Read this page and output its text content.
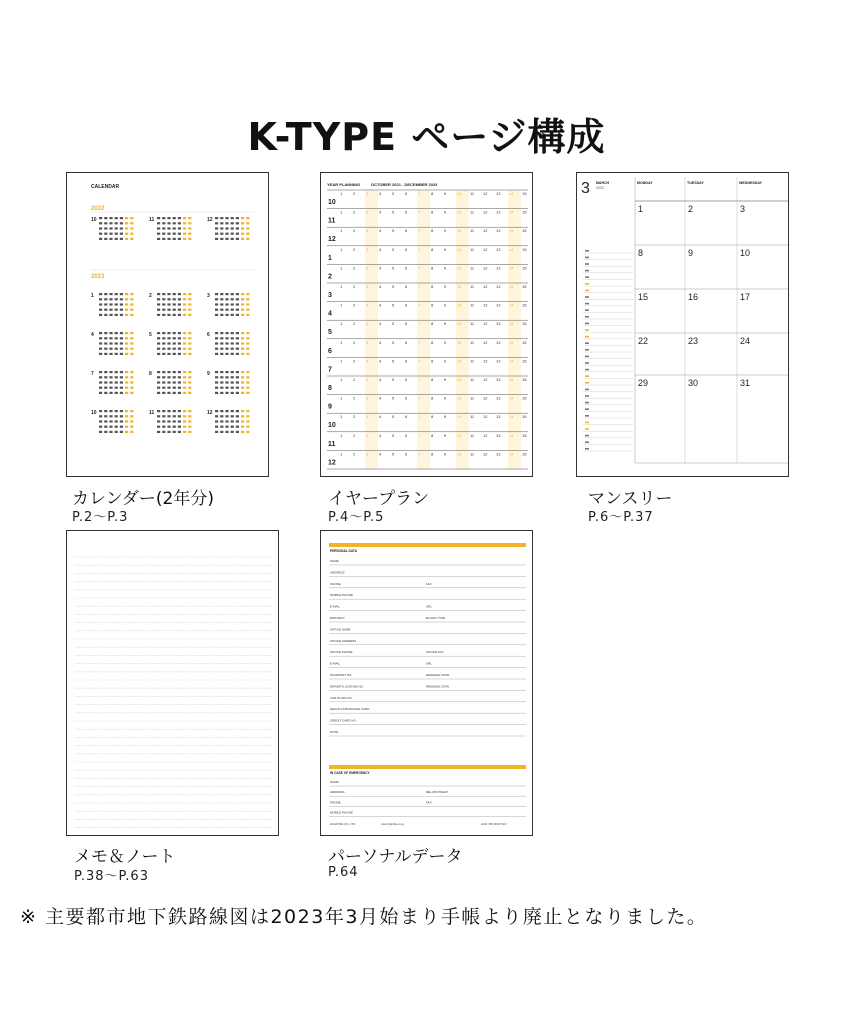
K-TYPE ページ構成
CALENDAR
2022
2023
10	11	12
1	2	3
4	5	6
7	8	9
10	11	12
カレンダー(2年分)
P.2～P.3
YEAR PLANNING	OCTOBER 2021 - DECEMBER 2023
10
1	2	3	4	5	6	7	8	9	10 11 12 13 14 15
11
1	2	3	4	5	6	7	8	9	10 11 12 13 14 15
12
1	2	3	4	5	6	7	8	9	10 11 12 13 14 15
1
1	2	3	4	5	6	7	8	9	10 11 12 13 14 15
2
1	2	3	4	5	6	7	8	9	10 11 12 13 14 15
3
1	2	3	4	5	6	7	8	9	10 11 12 13 14 15
4
1	2	3	4	5	6	7	8	9	10 11 12 13 14 15
5
1	2	3	4	5	6	7	8	9	10 11 12 13 14 15
6
1	2	3	4	5	6	7	8	9	10 11 12 13 14 15
7
1	2	3	4	5	6	7	8	9	10 11 12 13 14 15
8
1	2	3	4	5	6	7	8	9	10 11 12 13 14 15
9
1	2	3	4	5	6	7	8	9	10 11 12 13 14 15
10
1	2	3	4	5	6	7	8	9	10 11 12 13 14 15
11
1	2	3	4	5	6	7	8	9	10 11 12 13 14 15
12
1	2	3	4	5	6	7	8	9	10 11 12 13 14 15
イヤープラン
P.4～P.5
3 MARCH
2022
MONDAY	TUESDAY	WEDNESDAY
1	2	3
8	9	10
15	16	17
22	23	24
29	30	31
マンスリー
P.6～P.37
メモ＆ノート
P.38～P.63
PERSONAL DATA
NAME
ADDRESS
PHONE	FAX
MOBILE PHONE
E-MAIL	URL
BIRTHDAY	BLOOD TYPE
OFFICE NAME
OFFICE ADDRESS
OFFICE PHONE	OFFICE FAX
E-MAIL	URL
PASSPORT NO.	RENEWAL DATE
DRIVER'S LICENSE NO.	RENEWAL DATE
CAR PLATE NO.
HEALTH INSURANCE CARD
CREDIT CARD NO.
NOTE
IN CASE OF EMERGENCY
NAME
ADDRESS	RELATIONSHIP
PHONE	FAX
MOBILE PHONE
HIGHTIDE CO.,LTD.	www.hightide.co.jp	2100 / B6 MONTHLY
パーソナルデータ
P.64
※ 主要都市地下鉄路線図は2023年3月始まり手帳より廃止となりました。
